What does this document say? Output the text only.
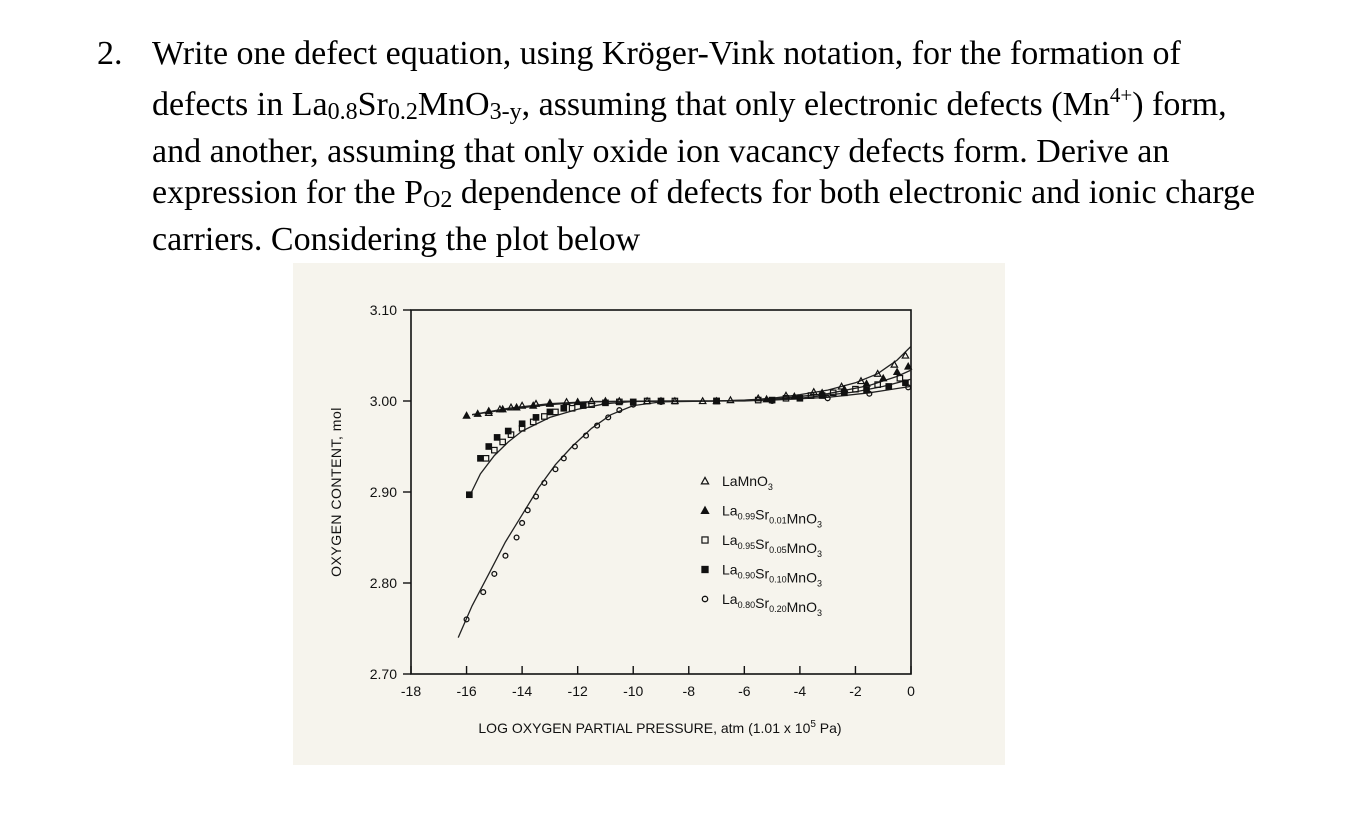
2. Write one defect equation, using Kröger-Vink notation, for the formation of
defects in La0.8Sr0.2MnO3-y, assuming that only electronic defects $(Mn^{4+})$ form,
and another, assuming that only oxide ion vacancy defects form. Derive an
expression for the PO2 dependence of defects for both electronic and ionic charge
carriers. Considering the plot below
OXYGEN CONTENT, mol
LOG OXYGEN PARTIAL PRESSURE, atm (1.01 x $10^5$ Pa)
3.10
3.00
2.90
2.80
2.70
-18	-16	-14	-12	-10	-8	-6	-4	-2	0
LaMnO$_3$
$La_{0.99}Sr_{0.01}MnO_3$
$La_{0.95}Sr_{0.05}MnO_3$
$La_{0.90}Sr_{0.10}MnO_3$
$La_{0.80}Sr_{0.20}MnO_3$
